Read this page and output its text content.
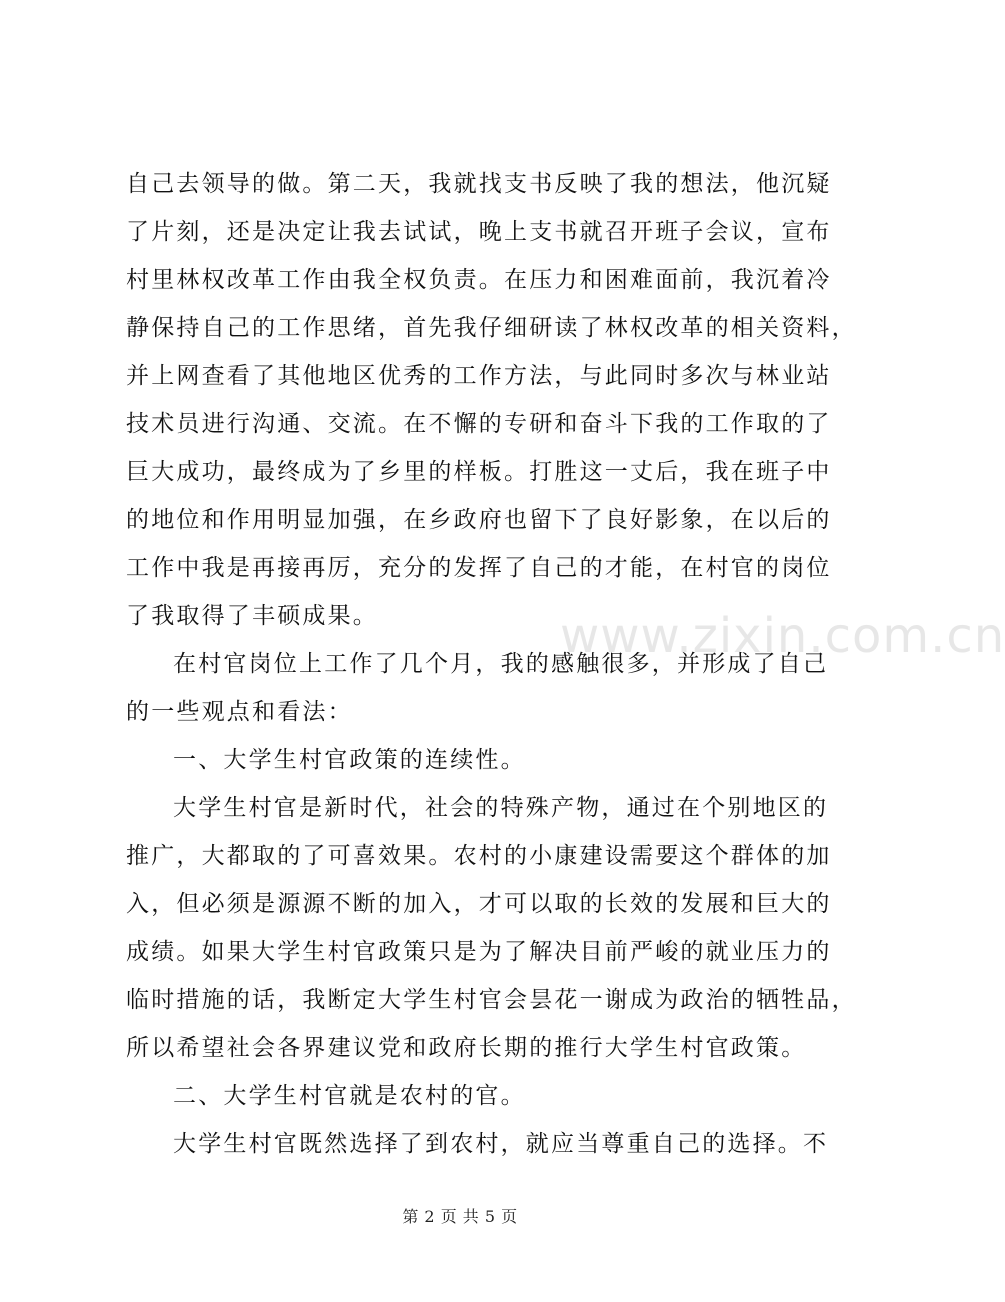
自己去领导的做。第二天，我就找支书反映了我的想法，他沉疑
了片刻，还是决定让我去试试，晚上支书就召开班子会议，宣布
村里林权改革工作由我全权负责。在压力和困难面前，我沉着冷
静保持自己的工作思绪，首先我仔细研读了林权改革的相关资料，
并上网查看了其他地区优秀的工作方法，与此同时多次与林业站
技术员进行沟通、交流。在不懈的专研和奋斗下我的工作取的了
巨大成功，最终成为了乡里的样板。打胜这一丈后，我在班子中
的地位和作用明显加强，在乡政府也留下了良好影象，在以后的
工作中我是再接再厉，充分的发挥了自己的才能，在村官的岗位
了我取得了丰硕成果。
在村官岗位上工作了几个月，我的感触很多，并形成了自己
的一些观点和看法：
一、大学生村官政策的连续性。
大学生村官是新时代，社会的特殊产物，通过在个别地区的
推广，大都取的了可喜效果。农村的小康建设需要这个群体的加
入，但必须是源源不断的加入，才可以取的长效的发展和巨大的
成绩。如果大学生村官政策只是为了解决目前严峻的就业压力的
临时措施的话，我断定大学生村官会昙花一谢成为政治的牺牲品，
所以希望社会各界建议党和政府长期的推行大学生村官政策。
二、大学生村官就是农村的官。
大学生村官既然选择了到农村，就应当尊重自己的选择。不
www.zixin.com.cn
第 2 页 共 5 页
